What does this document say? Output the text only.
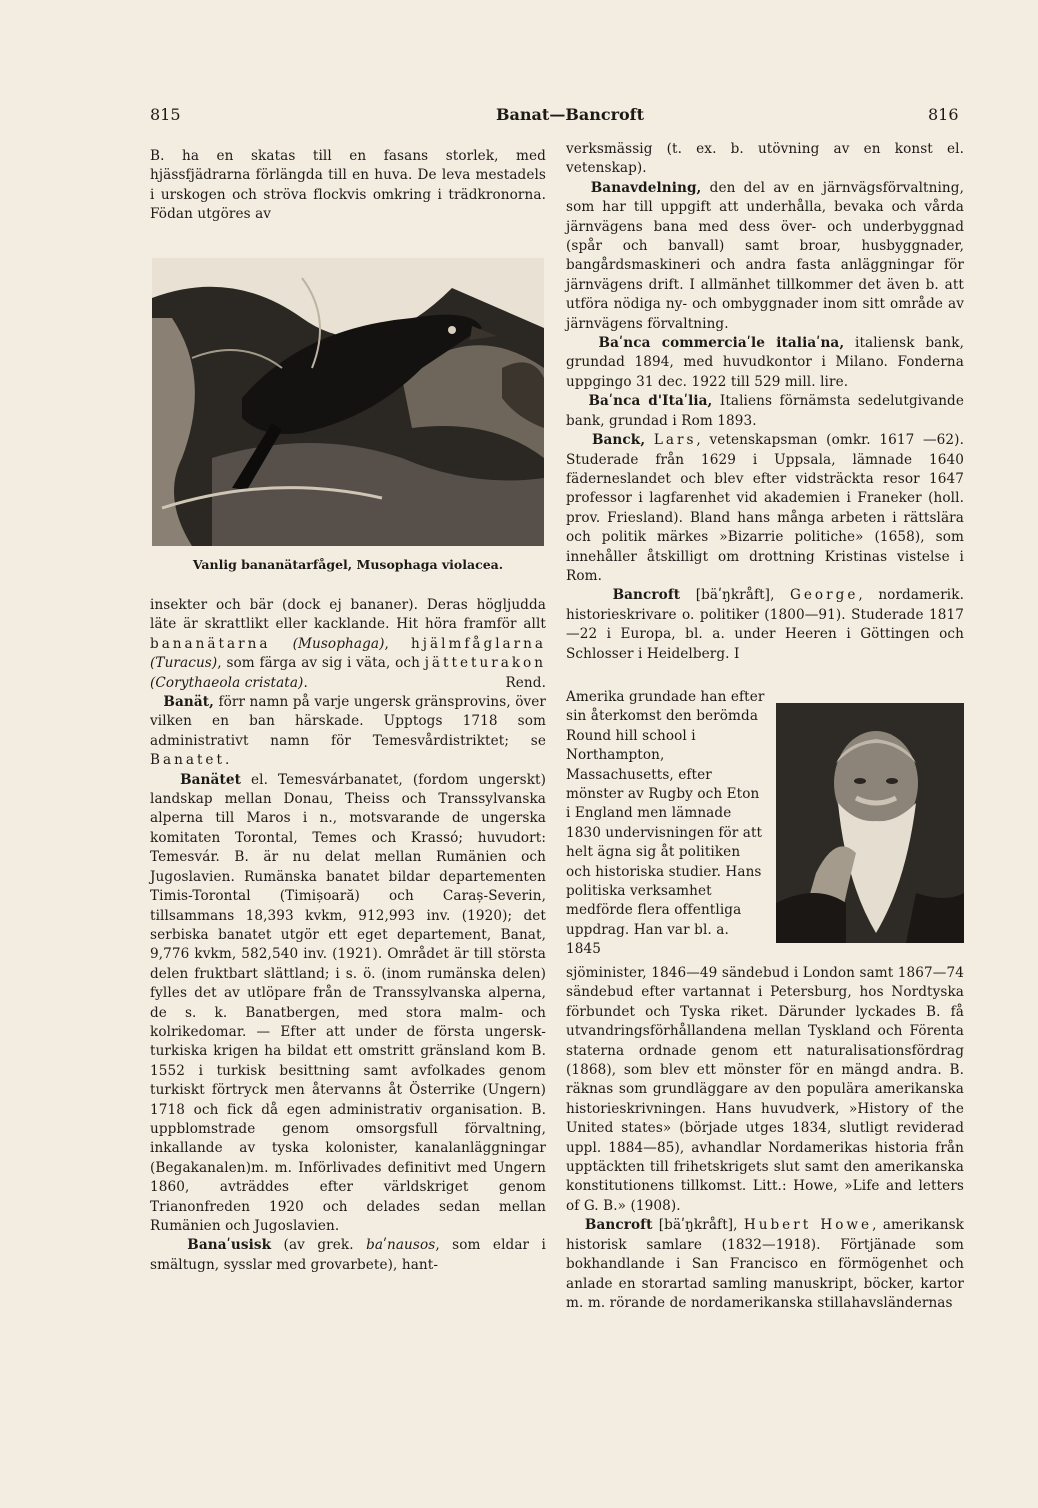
815	Banat—Bancroft	816

B. ha en skatas till en fasans storlek, med hjässfjädrarna förlängda till en huva. De leva mestadels i urskogen och ströva flockvis omkring i trädkronorna. Födan utgöres av

Vanlig bananätarfågel, Musophaga violacea.

insekter och bär (dock ej bananer). Deras högljudda läte är skrattlikt eller kacklande. Hit höra framför allt bananätarna (Musophaga), hjälmfåglarna (Turacus), som färga av sig i väta, och jätteturakon (Corythaeola cristata).	Rend.

Banät, förr namn på varje ungersk gränsprovins, över vilken en ban härskade. Upptogs 1718 som administrativt namn för Temesvårdistriktet; se Banatet.

Banätet el. Temesvárbanatet, (fordom ungerskt) landskap mellan Donau, Theiss och Transsylvanska alperna till Maros i n., motsvarande de ungerska komitaten Torontal, Temes och Krassó; huvudort: Temesvár. B. är nu delat mellan Rumänien och Jugoslavien. Rumänska banatet bildar departementen Timis-Torontal (Timișoară) och Caraș-Severin, tillsammans 18,393 kvkm, 912,993 inv. (1920); det serbiska banatet utgör ett eget departement, Banat, 9,776 kvkm, 582,540 inv. (1921). Området är till största delen fruktbart slättland; i s. ö. (inom rumänska delen) fylles det av utlöpare från de Transsylvanska alperna, de s. k. Banatbergen, med stora malm- och kolrikedomar. — Efter att under de första ungersk-turkiska krigen ha bildat ett omstritt gränsland kom B. 1552 i turkisk besittning samt avfolkades genom turkiskt förtryck men återvanns åt Österrike (Ungern) 1718 och fick då egen administrativ organisation. B. uppblomstrade genom omsorgsfull förvaltning, inkallande av tyska kolonister, kanalanläggningar (Begakanalen)m. m. Införlivades definitivt med Ungern 1860, avträddes efter världskriget genom Trianonfreden 1920 och delades sedan mellan Rumänien och Jugoslavien.

Banaʹusisk (av grek. baʹnausos, som eldar i smältugn, sysslar med grovarbete), hant-

verksmässig (t. ex. b. utövning av en konst el. vetenskap).

Banavdelning, den del av en järnvägsförvaltning, som har till uppgift att underhålla, bevaka och vårda järnvägens bana med dess över- och underbyggnad (spår och banvall) samt broar, husbyggnader, bangårdsmaskineri och andra fasta anläggningar för järnvägens drift. I allmänhet tillkommer det även b. att utföra nödiga ny- och ombyggnader inom sitt område av järnvägens förvaltning.

Baʹnca commerciaʹle italiaʹna, italiensk bank, grundad 1894, med huvudkontor i Milano. Fonderna uppgingo 31 dec. 1922 till 529 mill. lire.

Baʹnca d'Itaʹlia, Italiens förnämsta sedelutgivande bank, grundad i Rom 1893.

Banck, Lars, vetenskapsman (omkr. 1617 —62). Studerade från 1629 i Uppsala, lämnade 1640 fäderneslandet och blev efter vidsträckta resor 1647 professor i lagfarenhet vid akademien i Franeker (holl. prov. Friesland). Bland hans många arbeten i rättslära och politik märkes »Bizarrie politiche» (1658), som innehåller åtskilligt om drottning Kristinas vistelse i Rom.

Bancroft [bäʹŋkråft], George, nordamerik. historieskrivare o. politiker (1800—91). Studerade 1817—22 i Europa, bl. a. under Heeren i Göttingen och Schlosser i Heidelberg. I

Amerika grundade han efter sin återkomst den berömda Round hill school i Northampton, Massachusetts, efter mönster av Rugby och Eton i England men lämnade 1830 undervisningen för att helt ägna sig åt politiken och historiska studier. Hans politiska verksamhet medförde flera offentliga uppdrag. Han var bl. a. 1845

sjöminister, 1846—49 sändebud i London samt 1867—74 sändebud efter vartannat i Petersburg, hos Nordtyska förbundet och Tyska riket. Därunder lyckades B. få utvandringsförhållandena mellan Tyskland och Förenta staterna ordnade genom ett naturalisationsfördrag (1868), som blev ett mönster för en mängd andra. B. räknas som grundläggare av den populära amerikanska historieskrivningen. Hans huvudverk, »History of the United states» (började utges 1834, slutligt reviderad uppl. 1884—85), avhandlar Nordamerikas historia från upptäckten till frihetskrigets slut samt den amerikanska konstitutionens tillkomst. Litt.: Howe, »Life and letters of G. B.» (1908).

Bancroft [bäʹŋkråft], Hubert Howe, amerikansk historisk samlare (1832—1918). Förtjänade som bokhandlande i San Francisco en förmögenhet och anlade en storartad samling manuskript, böcker, kartor m. m. rörande de nordamerikanska stillahavsländernas
